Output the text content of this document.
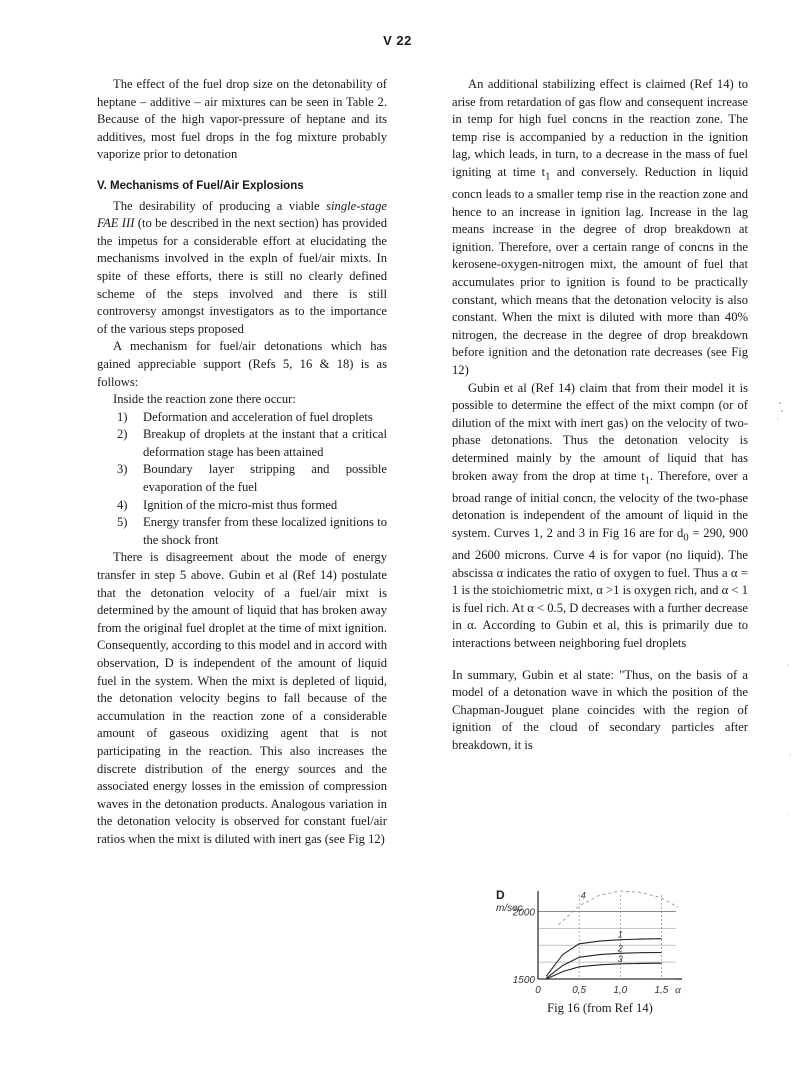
V 22

The effect of the fuel drop size on the detonability of heptane – additive – air mixtures can be seen in Table 2. Because of the high vapor-pressure of heptane and its additives, most fuel drops in the fog mixture probably vaporize prior to detonation

V. Mechanisms of Fuel/Air Explosions

The desirability of producing a viable single-stage FAE III (to be described in the next section) has provided the impetus for a considerable effort at elucidating the mechanisms involved in the expln of fuel/air mixts. In spite of these efforts, there is still no clearly defined scheme of the steps involved and there is still controversy amongst investigators as to the importance of the various steps proposed

A mechanism for fuel/air detonations which has gained appreciable support (Refs 5, 16 & 18) is as follows:

Inside the reaction zone there occur:

1)	Deformation and acceleration of fuel droplets
2)	Breakup of droplets at the instant that a critical deformation stage has been attained
3)	Boundary layer stripping and possible evaporation of the fuel
4)	Ignition of the micro-mist thus formed
5)	Energy transfer from these localized ignitions to the shock front

There is disagreement about the mode of energy transfer in step 5 above. Gubin et al (Ref 14) postulate that the detonation velocity of a fuel/air mixt is determined by the amount of liquid that has broken away from the original fuel droplet at the time of mixt ignition. Consequently, according to this model and in accord with observation, D is independent of the amount of liquid fuel in the system. When the mixt is depleted of liquid, the detonation velocity begins to fall because of the accumulation in the reaction zone of a considerable amount of gaseous oxidizing agent that is not participating in the reaction. This also increases the discrete distribution of the energy sources and the associated energy losses in the emission of compression waves in the detonation products. Analogous variation in the detonation velocity is observed for constant fuel/air ratios when the mixt is diluted with inert gas (see Fig 12)

An additional stabilizing effect is claimed (Ref 14) to arise from retardation of gas flow and consequent increase in temp for high fuel concns in the reaction zone. The temp rise is accompanied by a reduction in the ignition lag, which leads, in turn, to a decrease in the mass of fuel igniting at time $t_1$ and conversely. Reduction in liquid concn leads to a smaller temp rise in the reaction zone and hence to an increase in ignition lag. Increase in the lag means increase in the degree of drop breakdown at ignition. Therefore, over a certain range of concns in the kerosene-oxygen-nitrogen mixt, the amount of fuel that accumulates prior to ignition is found to be practically constant, which means that the detonation velocity is also constant. When the mixt is diluted with more than 40% nitrogen, the decrease in the degree of drop breakdown before ignition and the detonation rate decreases (see Fig 12)

Gubin et al (Ref 14) claim that from their model it is possible to determine the effect of the mixt compn (or of dilution of the mixt with inert gas) on the velocity of two-phase detonations. Thus the detonation velocity is determined mainly by the amount of liquid that has broken away from the drop at time $t_1$. Therefore, over a broad range of initial concn, the velocity of the two-phase detonation is independent of the amount of liquid in the system. Curves 1, 2 and 3 in Fig 16 are for $d_0 = 290$, 900 and 2600 microns. Curve 4 is for vapor (no liquid). The abscissa α indicates the ratio of oxygen to fuel. Thus a α = 1 is the stoichiometric mixt, α >1 is oxygen rich, and α < 1 is fuel rich. At α < 0.5, D decreases with a further decrease in α. According to Gubin et al, this is primarily due to interactions between neighboring fuel droplets

In summary, Gubin et al state: "Thus, on the basis of a model of a detonation wave in which the position of the Chapman-Jouguet plane coincides with the region of ignition of the cloud of secondary particles after breakdown, it is

D
m/sec
1
2
3
4
2000
1500
0	0,5	1,0	1,5 α
Fig 16 (from Ref 14)
